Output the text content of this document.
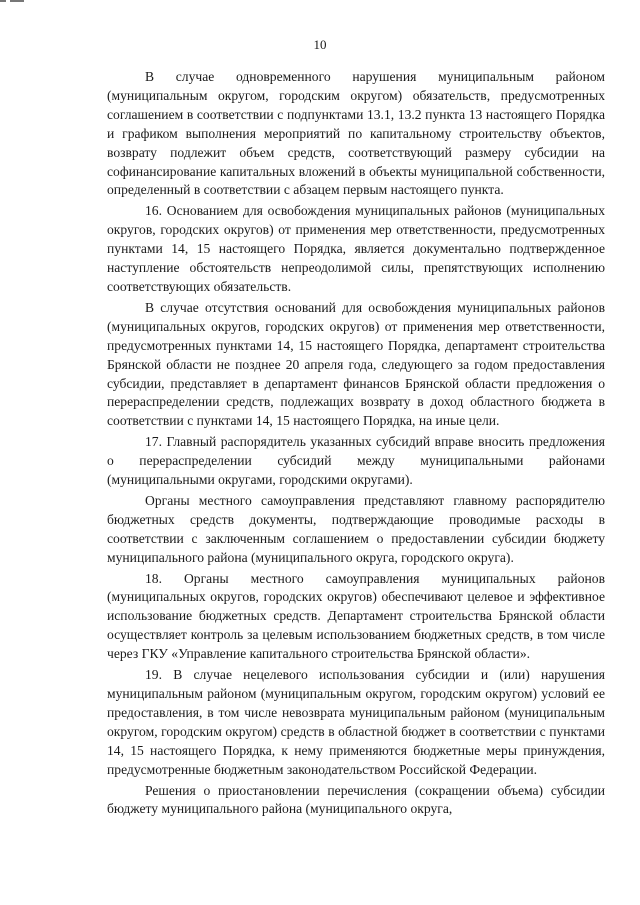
10

В случае одновременного нарушения муниципальным районом (муниципальным округом, городским округом) обязательств, предусмотренных соглашением в соответствии с подпунктами 13.1, 13.2 пункта 13 настоящего Порядка и графиком выполнения мероприятий по капитальному строительству объектов, возврату подлежит объем средств, соответствующий размеру субсидии на софинансирование капитальных вложений в объекты муниципальной собственности, определенный в соответствии с абзацем первым настоящего пункта.

16. Основанием для освобождения муниципальных районов (муниципальных округов, городских округов) от применения мер ответственности, предусмотренных пунктами 14, 15 настоящего Порядка, является документально подтвержденное наступление обстоятельств непреодолимой силы, препятствующих исполнению соответствующих обязательств.

В случае отсутствия оснований для освобождения муниципальных районов (муниципальных округов, городских округов) от применения мер ответственности, предусмотренных пунктами 14, 15 настоящего Порядка, департамент строительства Брянской области не позднее 20 апреля года, следующего за годом предоставления субсидии, представляет в департамент финансов Брянской области предложения о перераспределении средств, подлежащих возврату в доход областного бюджета в соответствии с пунктами 14, 15 настоящего Порядка, на иные цели.

17. Главный распорядитель указанных субсидий вправе вносить предложения о перераспределении субсидий между муниципальными районами (муниципальными округами, городскими округами).

Органы местного самоуправления представляют главному распорядителю бюджетных средств документы, подтверждающие проводимые расходы в соответствии с заключенным соглашением о предоставлении субсидии бюджету муниципального района (муниципального округа, городского округа).

18. Органы местного самоуправления муниципальных районов (муниципальных округов, городских округов) обеспечивают целевое и эффективное использование бюджетных средств. Департамент строительства Брянской области осуществляет контроль за целевым использованием бюджетных средств, в том числе через ГКУ «Управление капитального строительства Брянской области».

19. В случае нецелевого использования субсидии и (или) нарушения муниципальным районом (муниципальным округом, городским округом) условий ее предоставления, в том числе невозврата муниципальным районом (муниципальным округом, городским округом) средств в областной бюджет в соответствии с пунктами 14, 15 настоящего Порядка, к нему применяются бюджетные меры принуждения, предусмотренные бюджетным законодательством Российской Федерации.

Решения о приостановлении перечисления (сокращении объема) субсидии бюджету муниципального района (муниципального округа,
